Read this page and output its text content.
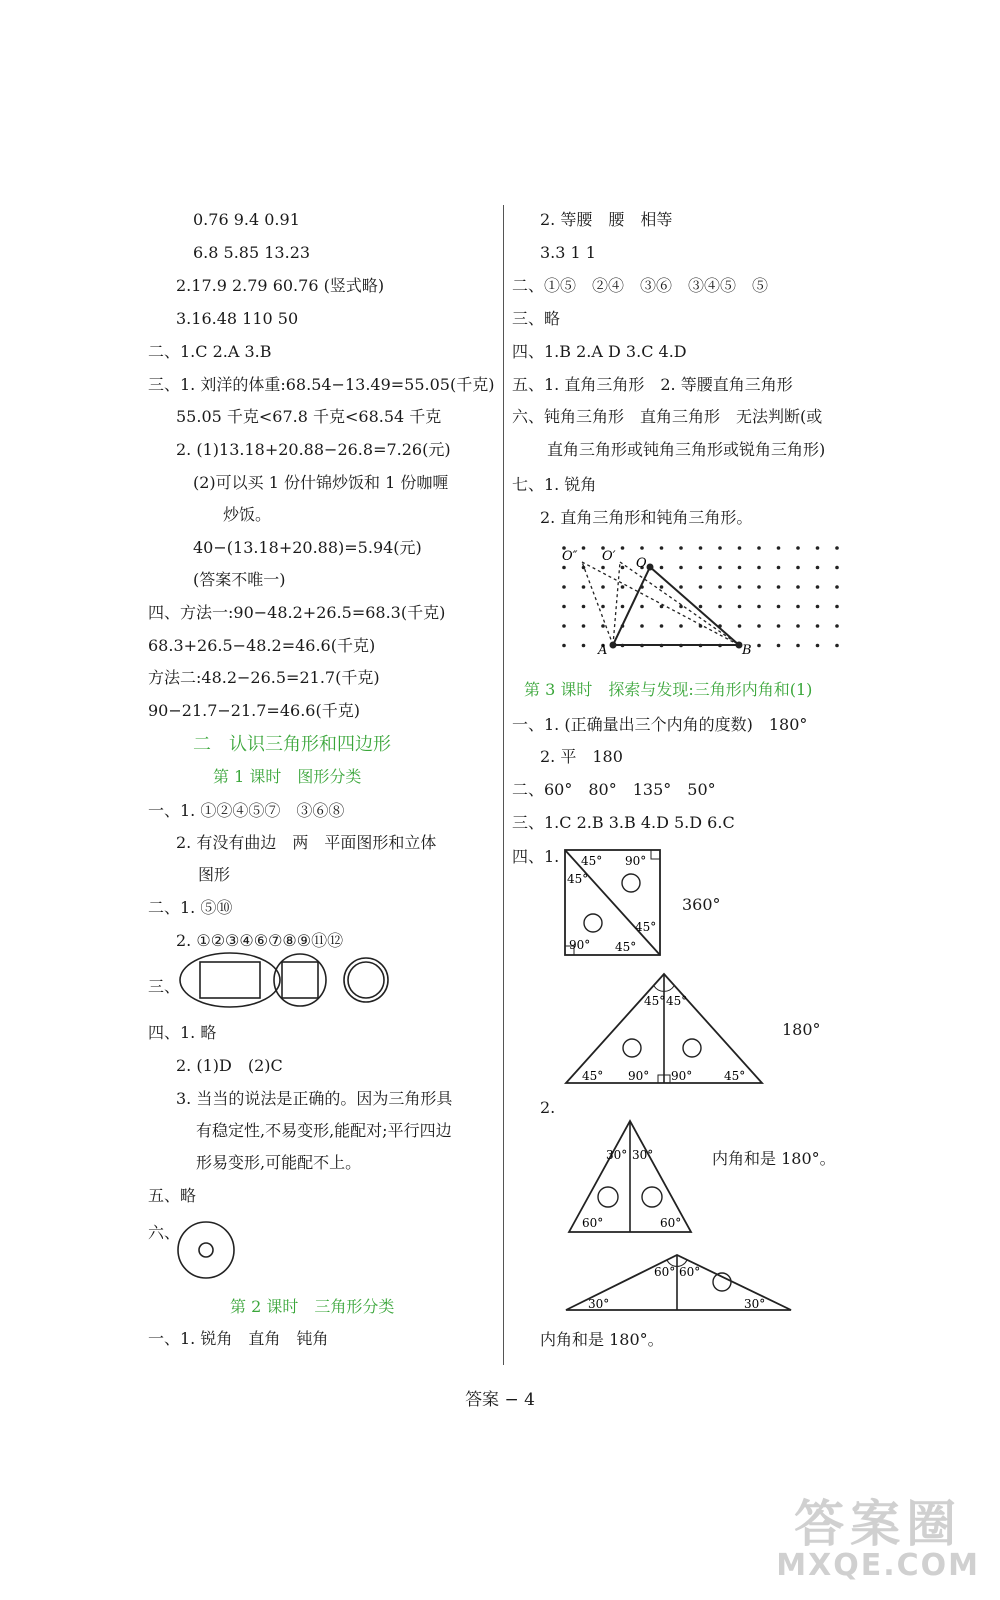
0.76 9.4 0.91
6.8 5.85 13.23
2.17.9 2.79 60.76 (竖式略)
3.16.48 110 50
二、1.C 2.A 3.B
三、1. 刘洋的体重:68.54−13.49=55.05(千克)
55.05 千克<67.8 千克<68.54 千克
2. (1)13.18+20.88−26.8=7.26(元)
(2)可以买 1 份什锦炒饭和 1 份咖喱
炒饭。
40−(13.18+20.88)=5.94(元)
(答案不唯一)
四、方法一:90−48.2+26.5=68.3(千克)
68.3+26.5−48.2=46.6(千克)
方法二:48.2−26.5=21.7(千克)
90−21.7−21.7=46.6(千克)
二　认识三角形和四边形
第 1 课时　图形分类
一、1. ①②④⑤⑦　③⑥⑧
2. 有没有曲边　两　平面图形和立体
图形
二、1. ⑤⑩
2. ①②③④⑥⑦⑧⑨⑪⑫
三、
四、1. 略
2. (1)D　(2)C
3. 当当的说法是正确的。因为三角形具
有稳定性,不易变形,能配对;平行四边
形易变形,可能配不上。
五、略
六、
第 2 课时　三角形分类
一、1. 锐角　直角　钝角
2. 等腰　腰　相等
3.3 1 1
二、①⑤　②④　③⑥　③④⑤　⑤
三、略
四、1.B 2.A D 3.C 4.D
五、1. 直角三角形　2. 等腰直角三角形
六、钝角三角形　直角三角形　无法判断(或
直角三角形或钝角三角形或锐角三角形)
七、1. 锐角
2. 直角三角形和钝角三角形。
O″ O′ O
A	B
第 3 课时　探索与发现:三角形内角和(1)
一、1. (正确量出三个内角的度数)　180°
2. 平　180
二、60°　80°　135°　50°
三、1.C 2.B 3.B 4.D 5.D 6.C
四、1. 45° 90°
45°
45°
90° 45°
360°
45° 45°
45° 90° 90°	45°
180°
2.
30° 30°
60°	60°
内角和是 180°。
60° 60°
30°	30°
内角和是 180°。
答案 − 4
答案圈
MXQE.COM
